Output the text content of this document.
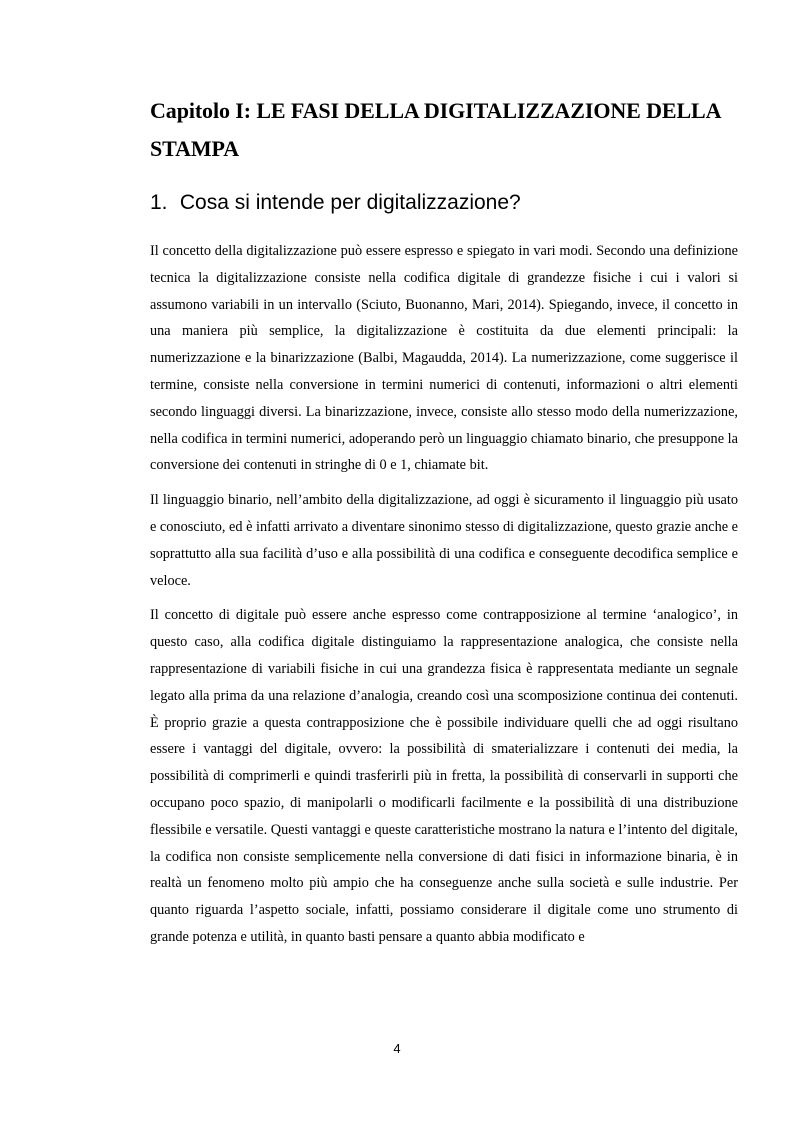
Capitolo I: LE FASI DELLA DIGITALIZZAZIONE DELLA STAMPA
1. Cosa si intende per digitalizzazione?

Il concetto della digitalizzazione può essere espresso e spiegato in vari modi. Secondo una definizione tecnica la digitalizzazione consiste nella codifica digitale di grandezze fisiche i cui i valori si assumono variabili in un intervallo (Sciuto, Buonanno, Mari, 2014). Spiegando, invece, il concetto in una maniera più semplice, la digitalizzazione è costituita da due elementi principali: la numerizzazione e la binarizzazione (Balbi, Magaudda, 2014). La numerizzazione, come suggerisce il termine, consiste nella conversione in termini numerici di contenuti, informazioni o altri elementi secondo linguaggi diversi. La binarizzazione, invece, consiste allo stesso modo della numerizzazione, nella codifica in termini numerici, adoperando però un linguaggio chiamato binario, che presuppone la conversione dei contenuti in stringhe di 0 e 1, chiamate bit.

Il linguaggio binario, nell’ambito della digitalizzazione, ad oggi è sicuramento il linguaggio più usato e conosciuto, ed è infatti arrivato a diventare sinonimo stesso di digitalizzazione, questo grazie anche e soprattutto alla sua facilità d’uso e alla possibilità di una codifica e conseguente decodifica semplice e veloce.

Il concetto di digitale può essere anche espresso come contrapposizione al termine ‘analogico’, in questo caso, alla codifica digitale distinguiamo la rappresentazione analogica, che consiste nella rappresentazione di variabili fisiche in cui una grandezza fisica è rappresentata mediante un segnale legato alla prima da una relazione d’analogia, creando così una scomposizione continua dei contenuti. È proprio grazie a questa contrapposizione che è possibile individuare quelli che ad oggi risultano essere i vantaggi del digitale, ovvero: la possibilità di smaterializzare i contenuti dei media, la possibilità di comprimerli e quindi trasferirli più in fretta, la possibilità di conservarli in supporti che occupano poco spazio, di manipolarli o modificarli facilmente e la possibilità di una distribuzione flessibile e versatile. Questi vantaggi e queste caratteristiche mostrano la natura e l’intento del digitale, la codifica non consiste semplicemente nella conversione di dati fisici in informazione binaria, è in realtà un fenomeno molto più ampio che ha conseguenze anche sulla società e sulle industrie. Per quanto riguarda l’aspetto sociale, infatti, possiamo considerare il digitale come uno strumento di grande potenza e utilità, in quanto basti pensare a quanto abbia modificato e

4
